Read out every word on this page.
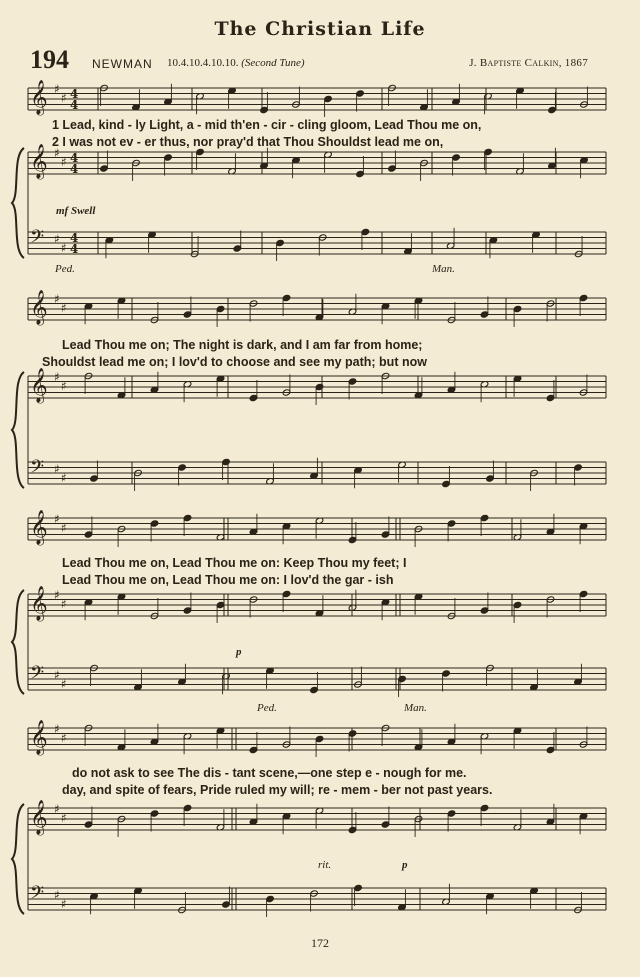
The Christian Life
194 NEWMAN 10.4.10.4.10.10. (Second Tune)	J. Baptiste Calkin, 1867
𝄞 ♯
♯ 4
4
𝄞 ♯
♯ 4
4
𝄢 ♯
♯
4
4
𝄞 ♯
♯
𝄞 ♯
♯
𝄢 ♯
♯
𝄞 ♯
♯
𝄞 ♯
♯
𝄢 ♯
♯
𝄞 ♯
♯
𝄞 ♯
♯
𝄢 ♯
♯
1 Lead, kind - ly Light, a - mid th'en - cir - cling gloom, Lead Thou me on,
2 I was not ev - er thus, nor pray'd that Thou Shouldst lead me on,
Lead Thou me on; The night is dark, and I am far from home;
Shouldst lead me on; I lov'd to choose and see my path; but now
Lead Thou me on, Lead Thou me on: Keep Thou my feet; I
Lead Thou me on, Lead Thou me on: I lov'd the gar - ish
do not ask to see The dis - tant scene,—one step e - nough for me.
day, and spite of fears, Pride ruled my will; re - mem - ber not past years.
mf Swell
Ped.	Man.
p
Ped.	Man.
rit.	p
172
